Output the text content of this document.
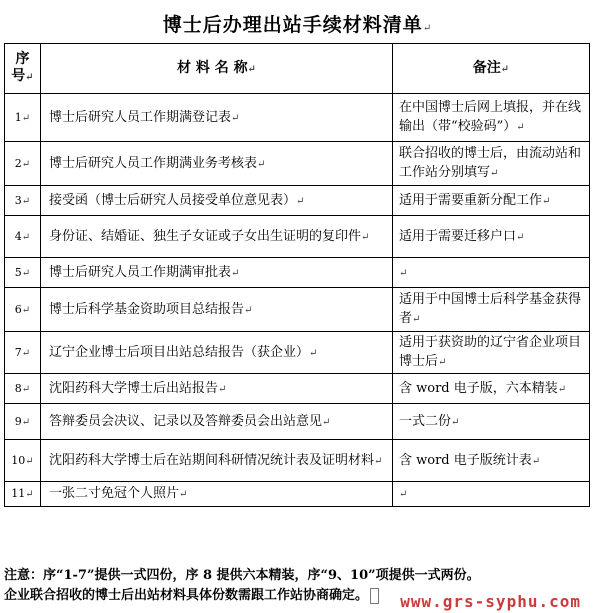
博士后办理出站手续材料清单↵
序
号↵	材 料 名 称↵	备注↵
1↵	博士后研究人员工作期满登记表↵	在中国博士后网上填报，并在线输出（带“校验码”）↵
2↵	博士后研究人员工作期满业务考核表↵	联合招收的博士后，由流动站和工作站分别填写↵
3↵	接受函（博士后研究人员接受单位意见表）↵	适用于需要重新分配工作↵
4↵	身份证、结婚证、独生子女证或子女出生证明的复印件↵	适用于需要迁移户口↵
5↵	博士后研究人员工作期满审批表↵	↵
6↵	博士后科学基金资助项目总结报告↵	适用于中国博士后科学基金获得者↵
7↵	辽宁企业博士后项目出站总结报告（获企业）↵	适用于获资助的辽宁省企业项目博士后↵
8↵	沈阳药科大学博士后出站报告↵	含 word 电子版，六本精装↵
9↵	答辩委员会决议、记录以及答辩委员会出站意见↵	一式二份↵
10↵	沈阳药科大学博士后在站期间科研情况统计表及证明材料↵	含 word 电子版统计表↵
11↵	一张二寸免冠个人照片↵	↵
注意：序“1-7”提供一式四份，序 8 提供六本精装，序“9、10”项提供一式两份。
企业联合招收的博士后出站材料具体份数需跟工作站协商确定。	www.grs-syphu.com
